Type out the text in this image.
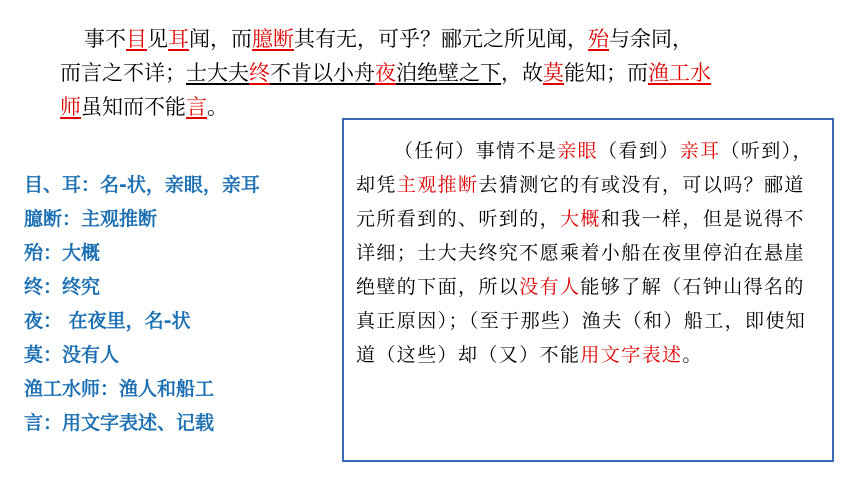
事不目见耳闻，而臆断其有无，可乎？郦元之所见闻，殆与余同，
而言之不详；士大夫终不肯以小舟夜泊绝壁之下，故莫能知；而渔工水
师虽知而不能言。
目、耳：名-状，亲眼，亲耳
臆断：主观推断
殆：大概
终：终究
夜： 在夜里，名-状
莫：没有人
渔工水师：渔人和船工
言：用文字表述、记载

（任何）事情不是亲眼（看到）亲耳（听到），却凭主观推断去猜测它的有或没有，可以吗？郦道元所看到的、听到的，大概和我一样，但是说得不详细；士大夫终究不愿乘着小船在夜里停泊在悬崖绝壁的下面，所以没有人能够了解（石钟山得名的真正原因）；（至于那些）渔夫（和）船工，即使知道（这些）却（又）不能用文字表述。
